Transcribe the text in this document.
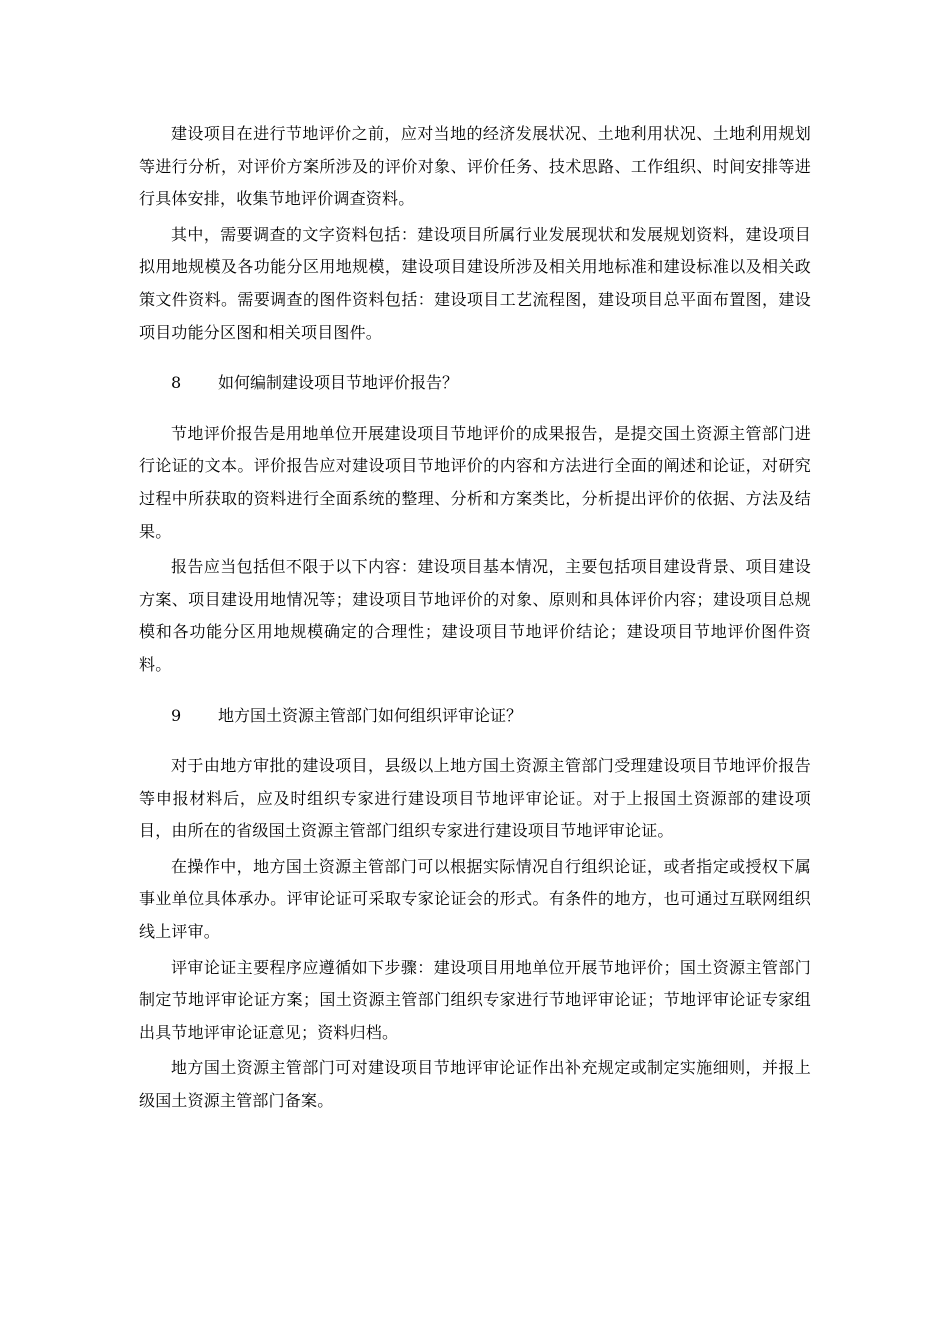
建设项目在进行节地评价之前，应对当地的经济发展状况、土地利用状况、土地利用规划等进行分析，对评价方案所涉及的评价对象、评价任务、技术思路、工作组织、时间安排等进行具体安排，收集节地评价调查资料。

其中，需要调查的文字资料包括：建设项目所属行业发展现状和发展规划资料，建设项目拟用地规模及各功能分区用地规模，建设项目建设所涉及相关用地标准和建设标准以及相关政策文件资料。需要调查的图件资料包括：建设项目工艺流程图，建设项目总平面布置图，建设项目功能分区图和相关项目图件。

8	如何编制建设项目节地评价报告？

节地评价报告是用地单位开展建设项目节地评价的成果报告，是提交国土资源主管部门进行论证的文本。评价报告应对建设项目节地评价的内容和方法进行全面的阐述和论证，对研究过程中所获取的资料进行全面系统的整理、分析和方案类比，分析提出评价的依据、方法及结果。

报告应当包括但不限于以下内容：建设项目基本情况，主要包括项目建设背景、项目建设方案、项目建设用地情况等；建设项目节地评价的对象、原则和具体评价内容；建设项目总规模和各功能分区用地规模确定的合理性；建设项目节地评价结论；建设项目节地评价图件资料。

9	地方国土资源主管部门如何组织评审论证？

对于由地方审批的建设项目，县级以上地方国土资源主管部门受理建设项目节地评价报告等申报材料后，应及时组织专家进行建设项目节地评审论证。对于上报国土资源部的建设项目，由所在的省级国土资源主管部门组织专家进行建设项目节地评审论证。

在操作中，地方国土资源主管部门可以根据实际情况自行组织论证，或者指定或授权下属事业单位具体承办。评审论证可采取专家论证会的形式。有条件的地方，也可通过互联网组织线上评审。

评审论证主要程序应遵循如下步骤：建设项目用地单位开展节地评价；国土资源主管部门制定节地评审论证方案；国土资源主管部门组织专家进行节地评审论证；节地评审论证专家组出具节地评审论证意见；资料归档。

地方国土资源主管部门可对建设项目节地评审论证作出补充规定或制定实施细则，并报上级国土资源主管部门备案。
